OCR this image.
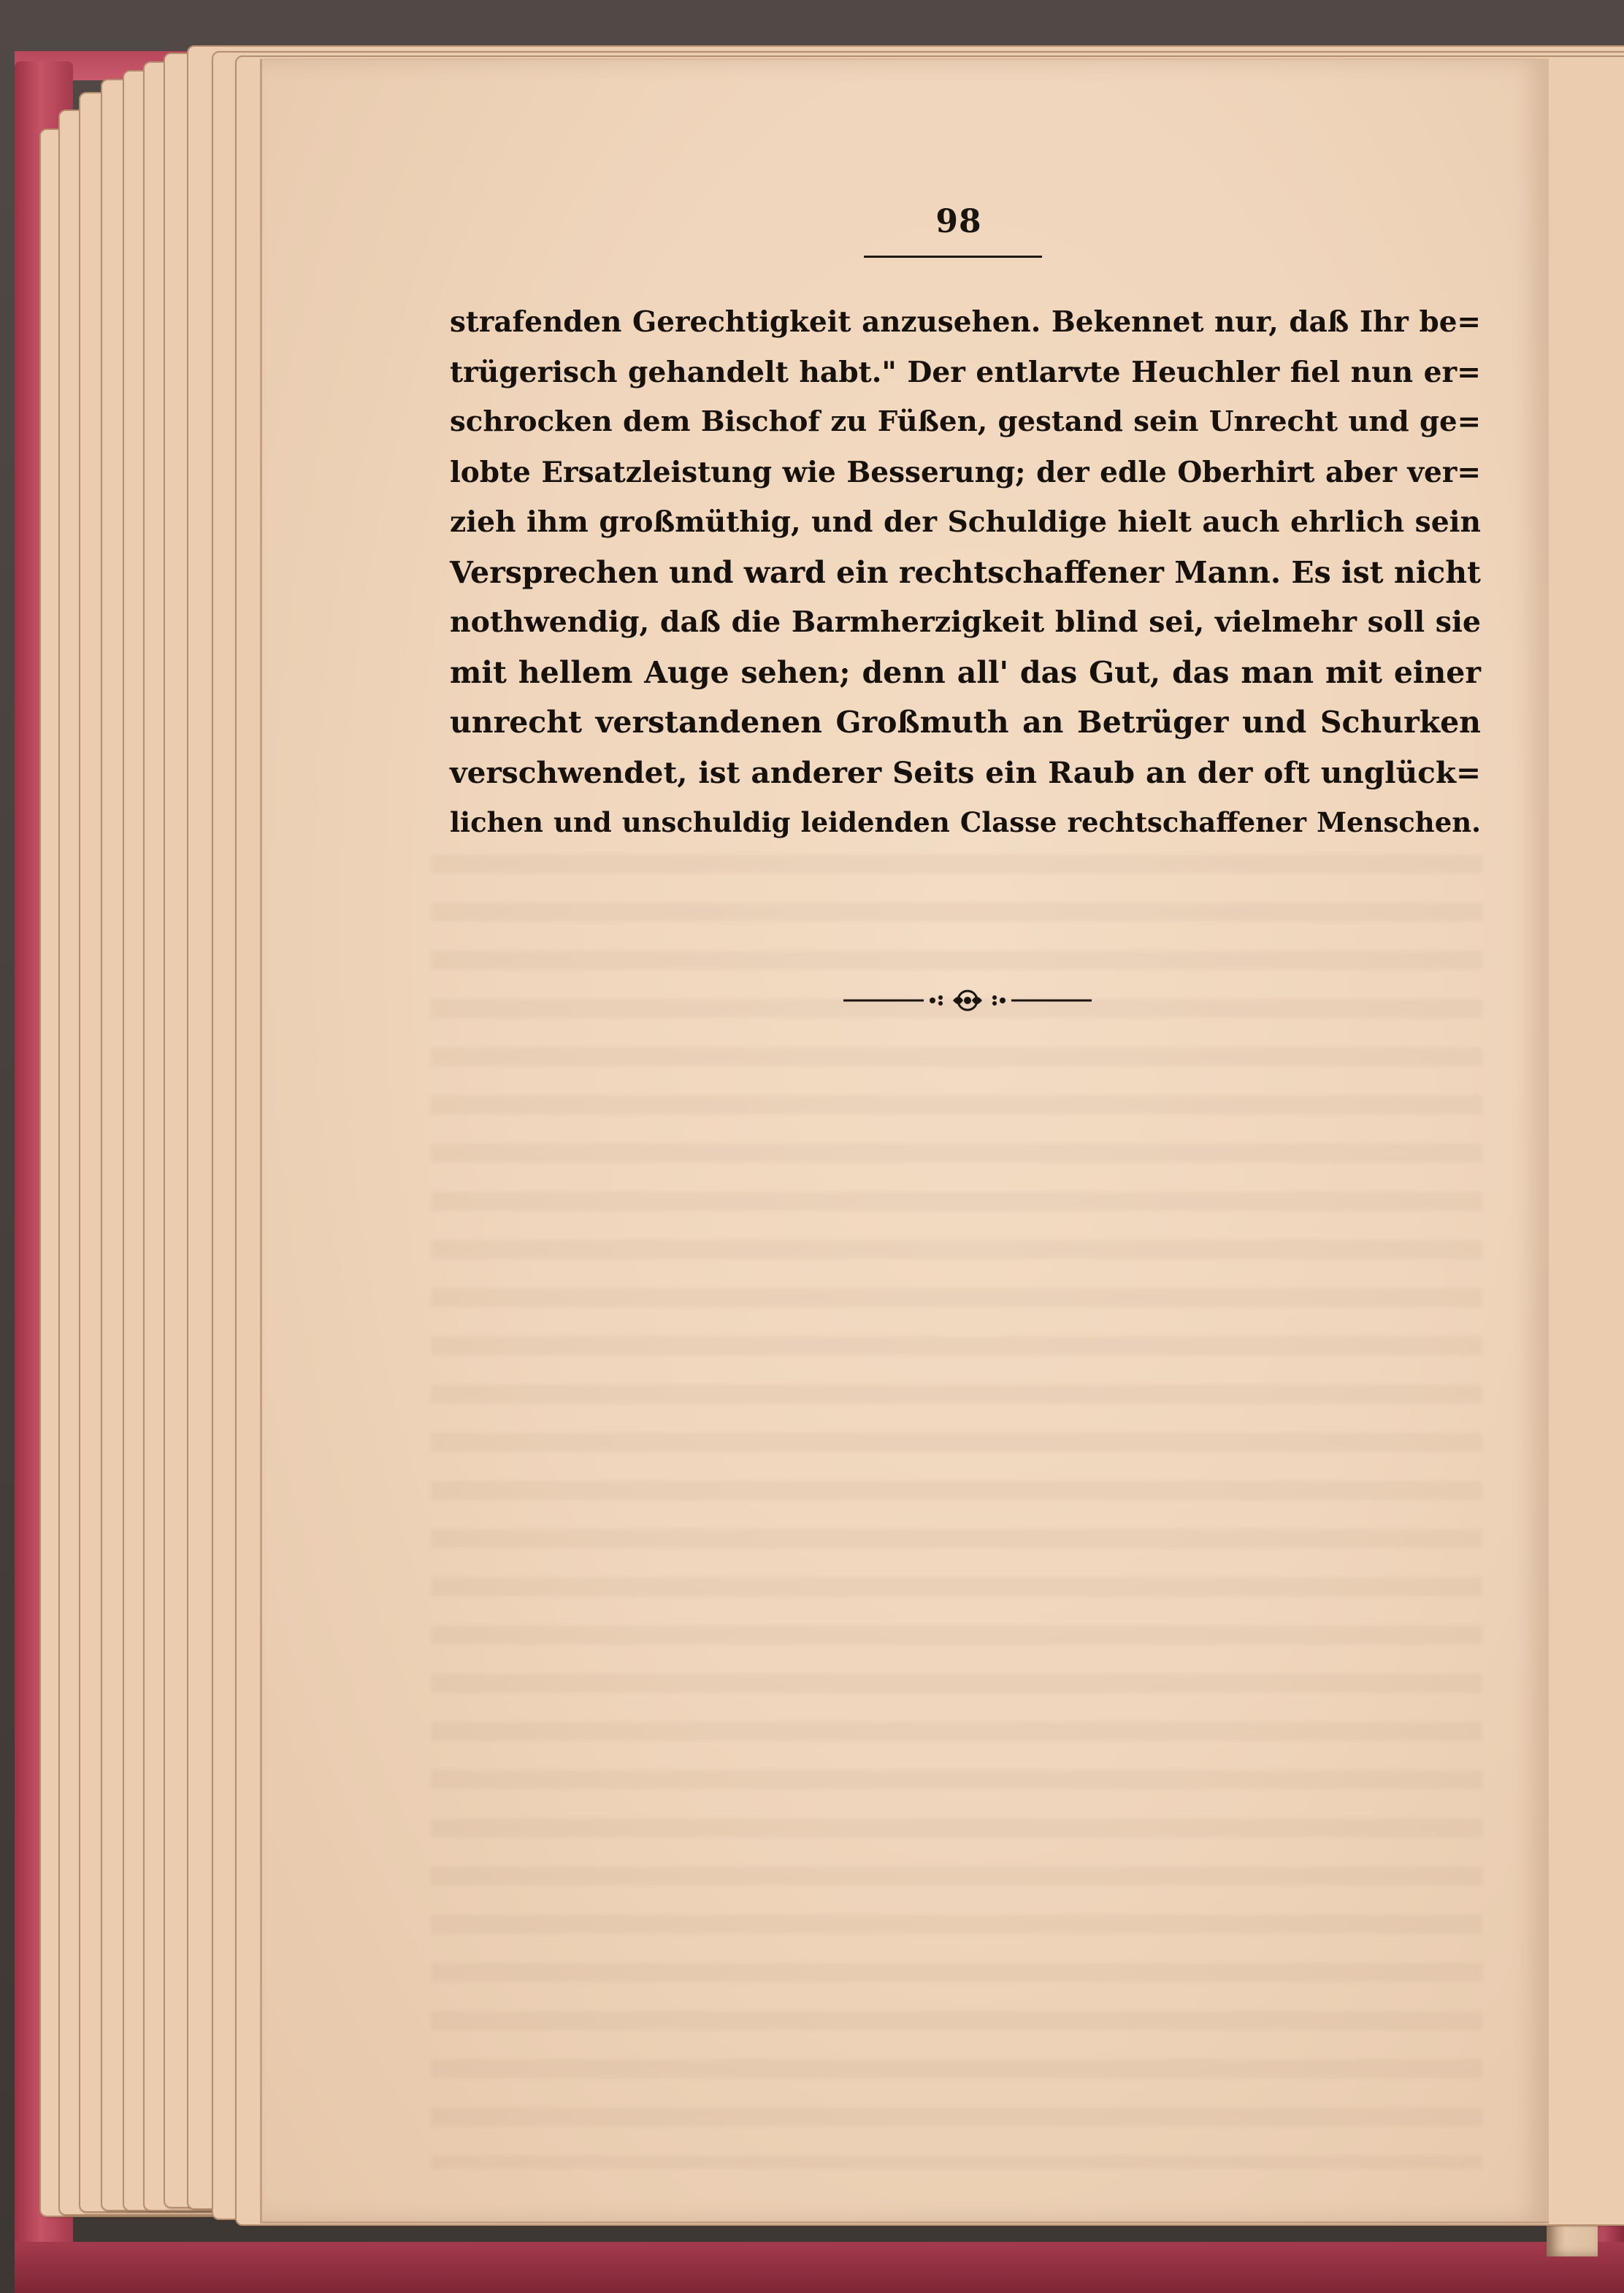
98
strafenden Gerechtigkeit anzusehen. Bekennet nur, daß Ihr be=
trügerisch gehandelt habt." Der entlarvte Heuchler fiel nun er=
schrocken dem Bischof zu Füßen, gestand sein Unrecht und ge=
lobte Ersatzleistung wie Besserung; der edle Oberhirt aber ver=
zieh ihm großmüthig, und der Schuldige hielt auch ehrlich sein
Versprechen und ward ein rechtschaffener Mann. Es ist nicht
nothwendig, daß die Barmherzigkeit blind sei, vielmehr soll sie
mit hellem Auge sehen; denn all' das Gut, das man mit einer
unrecht verstandenen Großmuth an Betrüger und Schurken
verschwendet, ist anderer Seits ein Raub an der oft unglück=
lichen und unschuldig leidenden Classe rechtschaffener Menschen.
